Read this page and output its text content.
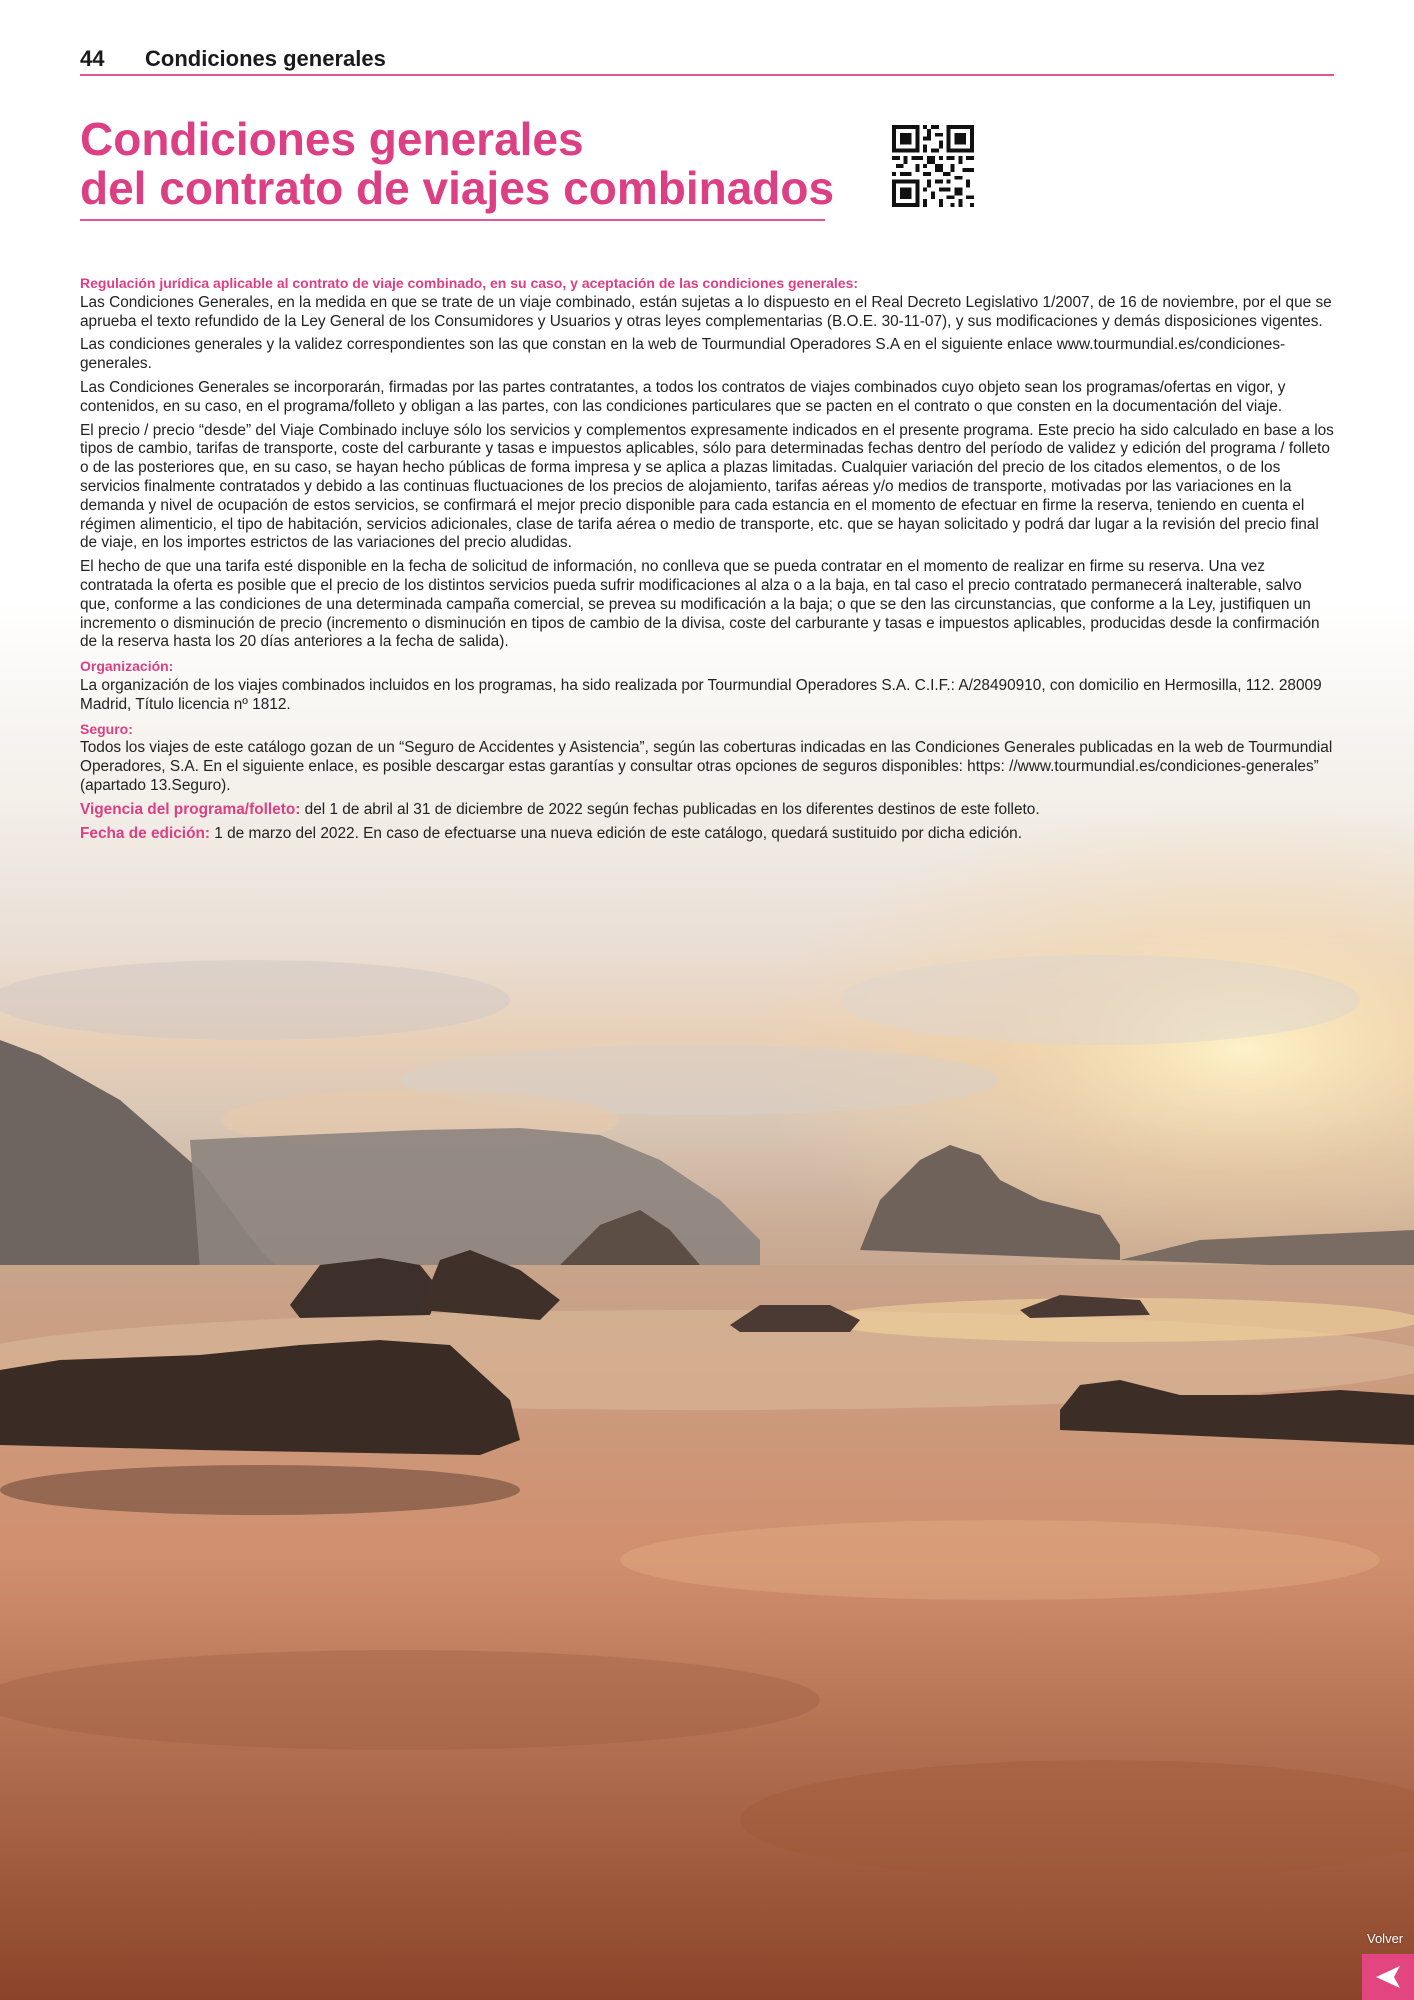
44 Condiciones generales
Condiciones generales
del contrato de viajes combinados

Regulación jurídica aplicable al contrato de viaje combinado, en su caso, y aceptación de las condiciones generales:

Las Condiciones Generales, en la medida en que se trate de un viaje combinado, están sujetas a lo dispuesto en el Real Decreto Legislativo 1/2007, de 16 de noviembre, por el que se aprueba el texto refundido de la Ley General de los Consumidores y Usuarios y otras leyes complementarias (B.O.E. 30-11-07), y sus modificaciones y demás disposiciones vigentes.

Las condiciones generales y la validez correspondientes son las que constan en la web de Tourmundial Operadores S.A en el siguiente enlace www.tourmundial.es/condiciones-generales.

Las Condiciones Generales se incorporarán, firmadas por las partes contratantes, a todos los contratos de viajes combinados cuyo objeto sean los programas/ofertas en vigor, y contenidos, en su caso, en el programa/folleto y obligan a las partes, con las condiciones particulares que se pacten en el contrato o que consten en la documentación del viaje.

El precio / precio “desde” del Viaje Combinado incluye sólo los servicios y complementos expresamente indicados en el presente programa. Este precio ha sido calculado en base a los tipos de cambio, tarifas de transporte, coste del carburante y tasas e impuestos aplicables, sólo para determinadas fechas dentro del período de validez y edición del programa / folleto o de las posteriores que, en su caso, se hayan hecho públicas de forma impresa y se aplica a plazas limitadas. Cualquier variación del precio de los citados elementos, o de los servicios finalmente contratados y debido a las continuas fluctuaciones de los precios de alojamiento, tarifas aéreas y/o medios de transporte, motivadas por las variaciones en la demanda y nivel de ocupación de estos servicios, se confirmará el mejor precio disponible para cada estancia en el momento de efectuar en firme la reserva, teniendo en cuenta el régimen alimenticio, el tipo de habitación, servicios adicionales, clase de tarifa aérea o medio de transporte, etc. que se hayan solicitado y podrá dar lugar a la revisión del precio final de viaje, en los importes estrictos de las variaciones del precio aludidas.

El hecho de que una tarifa esté disponible en la fecha de solicitud de información, no conlleva que se pueda contratar en el momento de realizar en firme su reserva. Una vez contratada la oferta es posible que el precio de los distintos servicios pueda sufrir modificaciones al alza o a la baja, en tal caso el precio contratado permanecerá inalterable, salvo que, conforme a las condiciones de una determinada campaña comercial, se prevea su modificación a la baja; o que se den las circunstancias, que conforme a la Ley, justifiquen un incremento o disminución de precio (incremento o disminución en tipos de cambio de la divisa, coste del carburante y tasas e impuestos aplicables, producidas desde la confirmación de la reserva hasta los 20 días anteriores a la fecha de salida).

Organización:

La organización de los viajes combinados incluidos en los programas, ha sido realizada por Tourmundial Operadores S.A. C.I.F.: A/28490910, con domicilio en Hermosilla, 112. 28009 Madrid, Título licencia nº 1812.

Seguro:

Todos los viajes de este catálogo gozan de un “Seguro de Accidentes y Asistencia”, según las coberturas indicadas en las Condiciones Generales publicadas en la web de Tourmundial Operadores, S.A. En el siguiente enlace, es posible descargar estas garantías y consultar otras opciones de seguros disponibles: https: //www.tourmundial.es/condiciones-generales” (apartado 13.Seguro).

Vigencia del programa/folleto: del 1 de abril al 31 de diciembre de 2022 según fechas publicadas en los diferentes destinos de este folleto.

Fecha de edición: 1 de marzo del 2022. En caso de efectuarse una nueva edición de este catálogo, quedará sustituido por dicha edición.

Volver
